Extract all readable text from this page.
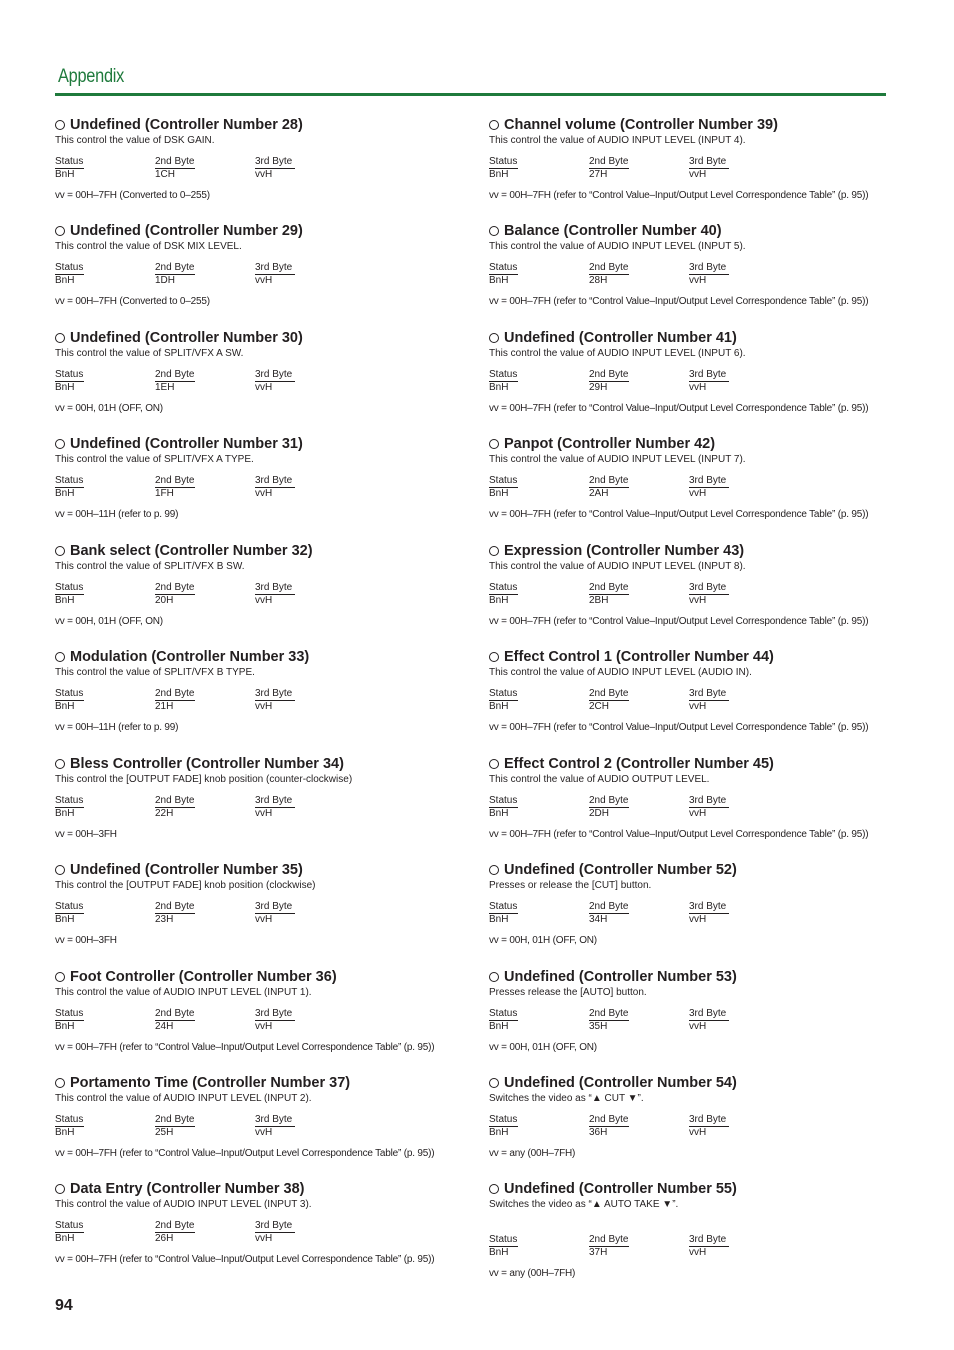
Appendix
Undefined (Controller Number 28)
This control the value of DSK GAIN.
Status	2nd Byte	3rd Byte
BnH	1CH	vvH
vv = 00H–7FH (Converted to 0–255)
Undefined (Controller Number 29)
This control the value of DSK MIX LEVEL.
Status	2nd Byte	3rd Byte
BnH	1DH	vvH
vv = 00H–7FH (Converted to 0–255)
Undefined (Controller Number 30)
This control the value of SPLIT/VFX A SW.
Status	2nd Byte	3rd Byte
BnH	1EH	vvH
vv = 00H, 01H (OFF, ON)
Undefined (Controller Number 31)
This control the value of SPLIT/VFX A TYPE.
Status	2nd Byte	3rd Byte
BnH	1FH	vvH
vv = 00H–11H (refer to p. 99)
Bank select (Controller Number 32)
This control the value of SPLIT/VFX B SW.
Status	2nd Byte	3rd Byte
BnH	20H	vvH
vv = 00H, 01H (OFF, ON)
Modulation (Controller Number 33)
This control the value of SPLIT/VFX B TYPE.
Status	2nd Byte	3rd Byte
BnH	21H	vvH
vv = 00H–11H (refer to p. 99)
Bless Controller (Controller Number 34)
This control the [OUTPUT FADE] knob position (counter-clockwise)
Status	2nd Byte	3rd Byte
BnH	22H	vvH
vv = 00H–3FH
Undefined (Controller Number 35)
This control the [OUTPUT FADE] knob position (clockwise)
Status	2nd Byte	3rd Byte
BnH	23H	vvH
vv = 00H–3FH
Foot Controller (Controller Number 36)
This control the value of AUDIO INPUT LEVEL (INPUT 1).
Status	2nd Byte	3rd Byte
BnH	24H	vvH
vv = 00H–7FH (refer to “Control Value–Input/Output Level Correspondence Table” (p. 95))
Portamento Time (Controller Number 37)
This control the value of AUDIO INPUT LEVEL (INPUT 2).
Status	2nd Byte	3rd Byte
BnH	25H	vvH
vv = 00H–7FH (refer to “Control Value–Input/Output Level Correspondence Table” (p. 95))
Data Entry (Controller Number 38)
This control the value of AUDIO INPUT LEVEL (INPUT 3).
Status	2nd Byte	3rd Byte
BnH	26H	vvH
vv = 00H–7FH (refer to “Control Value–Input/Output Level Correspondence Table” (p. 95))
Channel volume (Controller Number 39)
This control the value of AUDIO INPUT LEVEL (INPUT 4).
Status	2nd Byte	3rd Byte
BnH	27H	vvH
vv = 00H–7FH (refer to “Control Value–Input/Output Level Correspondence Table” (p. 95))
Balance (Controller Number 40)
This control the value of AUDIO INPUT LEVEL (INPUT 5).
Status	2nd Byte	3rd Byte
BnH	28H	vvH
vv = 00H–7FH (refer to “Control Value–Input/Output Level Correspondence Table” (p. 95))
Undefined (Controller Number 41)
This control the value of AUDIO INPUT LEVEL (INPUT 6).
Status	2nd Byte	3rd Byte
BnH	29H	vvH
vv = 00H–7FH (refer to “Control Value–Input/Output Level Correspondence Table” (p. 95))
Panpot (Controller Number 42)
This control the value of AUDIO INPUT LEVEL (INPUT 7).
Status	2nd Byte	3rd Byte
BnH	2AH	vvH
vv = 00H–7FH (refer to “Control Value–Input/Output Level Correspondence Table” (p. 95))
Expression (Controller Number 43)
This control the value of AUDIO INPUT LEVEL (INPUT 8).
Status	2nd Byte	3rd Byte
BnH	2BH	vvH
vv = 00H–7FH (refer to “Control Value–Input/Output Level Correspondence Table” (p. 95))
Effect Control 1 (Controller Number 44)
This control the value of AUDIO INPUT LEVEL (AUDIO IN).
Status	2nd Byte	3rd Byte
BnH	2CH	vvH
vv = 00H–7FH (refer to “Control Value–Input/Output Level Correspondence Table” (p. 95))
Effect Control 2 (Controller Number 45)
This control the value of AUDIO OUTPUT LEVEL.
Status	2nd Byte	3rd Byte
BnH	2DH	vvH
vv = 00H–7FH (refer to “Control Value–Input/Output Level Correspondence Table” (p. 95))
Undefined (Controller Number 52)
Presses or release the [CUT] button.
Status	2nd Byte	3rd Byte
BnH	34H	vvH
vv = 00H, 01H (OFF, ON)
Undefined (Controller Number 53)
Presses release the [AUTO] button.
Status	2nd Byte	3rd Byte
BnH	35H	vvH
vv = 00H, 01H (OFF, ON)
Undefined (Controller Number 54)
Switches the video as “▲ CUT ▼”.
Status	2nd Byte	3rd Byte
BnH	36H	vvH
vv = any (00H–7FH)
Undefined (Controller Number 55)
Switches the video as “▲ AUTO TAKE ▼”.
Status	2nd Byte	3rd Byte
BnH	37H	vvH
vv = any (00H–7FH)
94
